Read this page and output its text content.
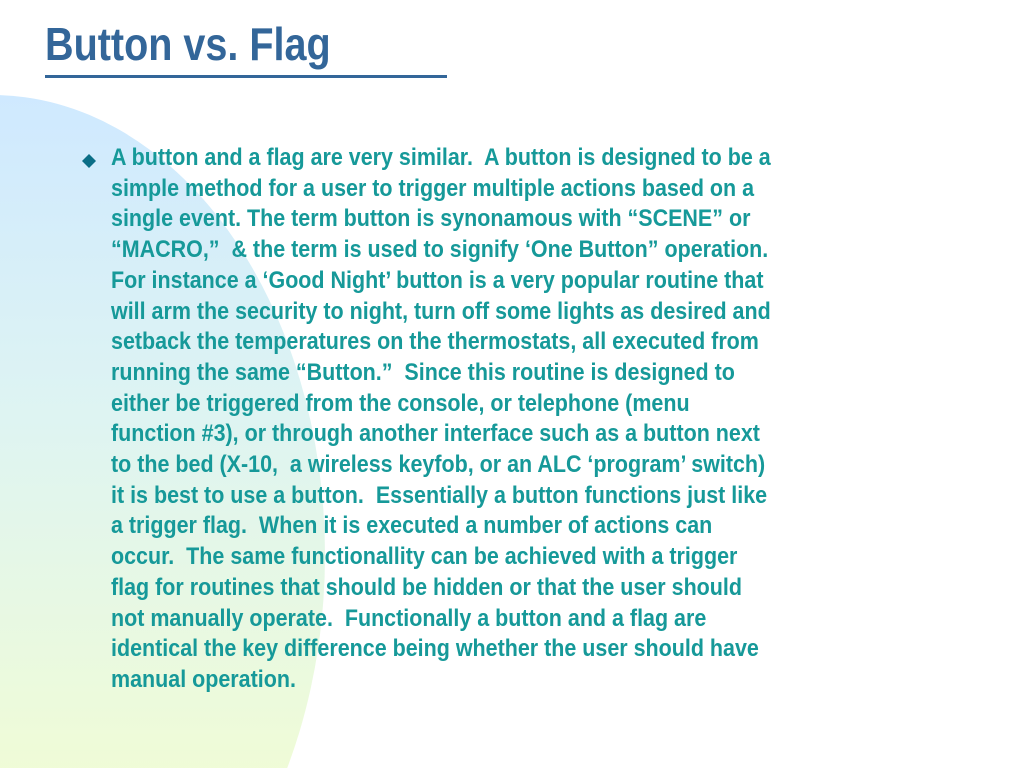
Button vs. Flag
A button and a flag are very similar.  A button is designed to be a
simple method for a user to trigger multiple actions based on a
single event. The term button is synonamous with “SCENE” or
“MACRO,”  & the term is used to signify ‘One Button” operation.
For instance a ‘Good Night’ button is a very popular routine that
will arm the security to night, turn off some lights as desired and
setback the temperatures on the thermostats, all executed from
running the same “Button.”  Since this routine is designed to
either be triggered from the console, or telephone (menu
function #3), or through another interface such as a button next
to the bed (X-10,  a wireless keyfob, or an ALC ‘program’ switch)
it is best to use a button.  Essentially a button functions just like
a trigger flag.  When it is executed a number of actions can
occur.  The same functionallity can be achieved with a trigger
flag for routines that should be hidden or that the user should
not manually operate.  Functionally a button and a flag are
identical the key difference being whether the user should have
manual operation.
